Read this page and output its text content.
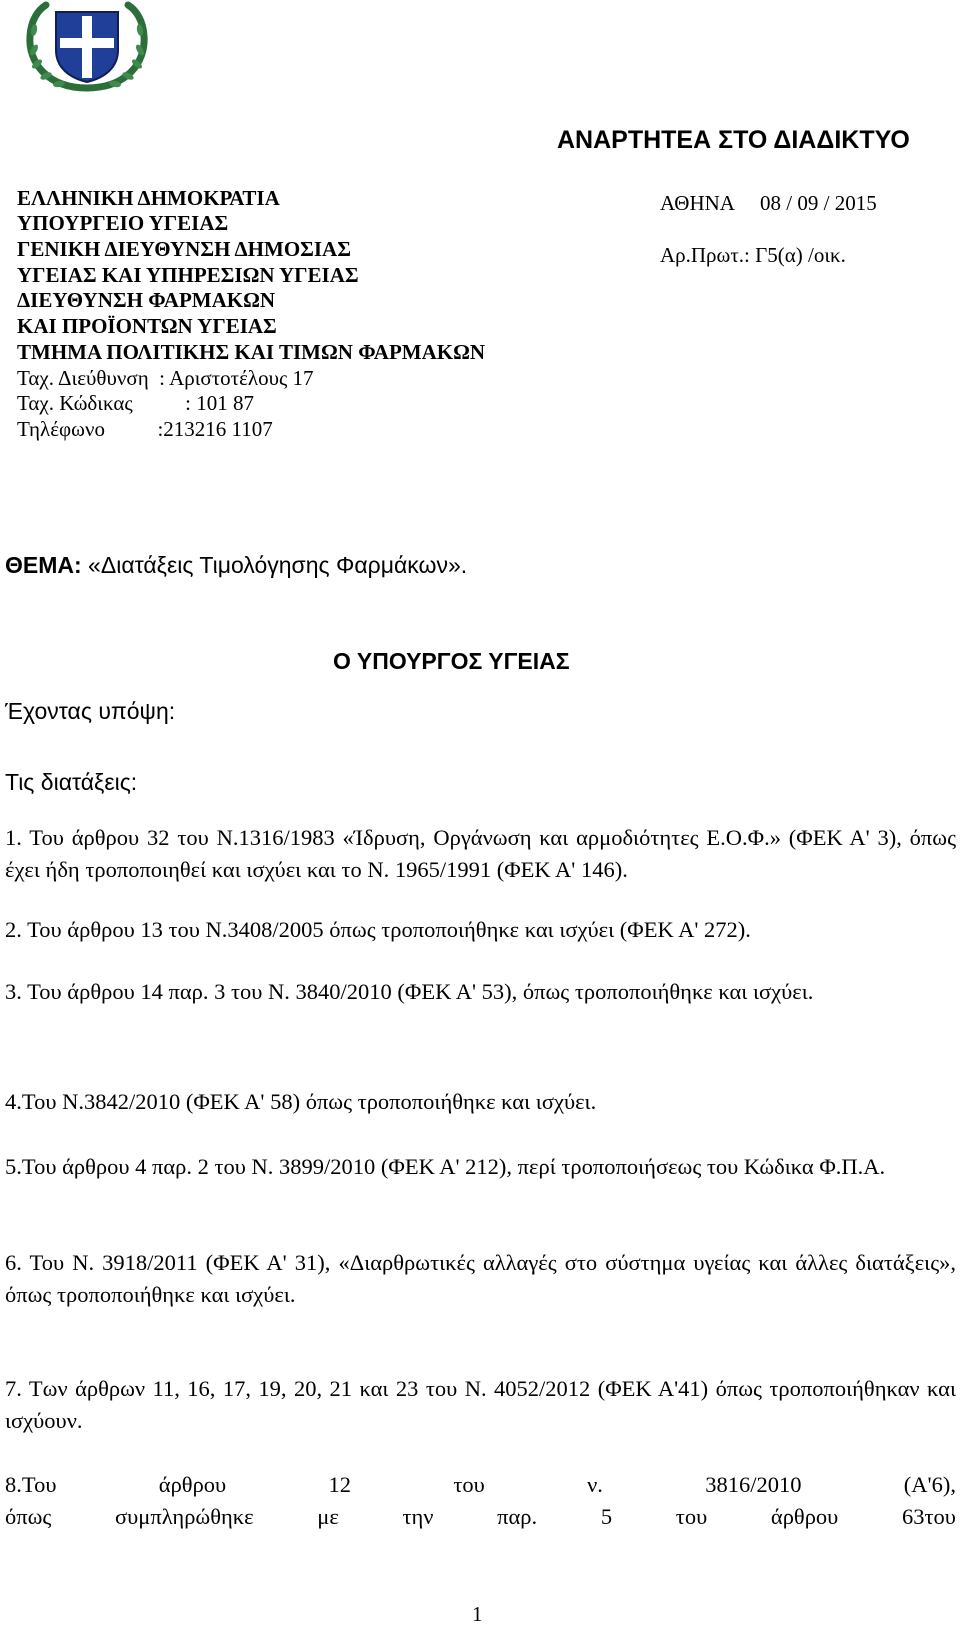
ΑΝΑΡΤΗΤΕΑ ΣΤΟ ΔΙΑΔΙΚΤΥΟ
ΕΛΛΗΝΙΚΗ ΔΗΜΟΚΡΑΤΙΑ
ΥΠΟΥΡΓΕΙΟ ΥΓΕΙΑΣ
ΓΕΝΙΚΗ ΔΙΕΥΘΥΝΣΗ ΔΗΜΟΣΙΑΣ
ΥΓΕΙΑΣ ΚΑΙ ΥΠΗΡΕΣΙΩΝ ΥΓΕΙΑΣ
ΔΙΕΥΘΥΝΣΗ ΦΑΡΜΑΚΩΝ
ΚΑΙ ΠΡΟΪΟΝΤΩΝ ΥΓΕΙΑΣ
ΤΜΗΜΑ ΠΟΛΙΤΙΚΗΣ ΚΑΙ ΤΙΜΩΝ ΦΑΡΜΑΚΩΝ
Ταχ. Διεύθυνση  : Αριστοτέλους 17
Ταχ. Κώδικας          : 101 87
Τηλέφωνο          :213216 1107
ΑΘΗΝΑ     08 / 09 / 2015
Αρ.Πρωτ.: Γ5(α) /οικ.
ΘΕΜΑ: «Διατάξεις Τιμολόγησης Φαρμάκων».
Ο ΥΠΟΥΡΓΟΣ ΥΓΕΙΑΣ
Έχοντας υπόψη:
Τις διατάξεις:
1. Του άρθρου 32 του Ν.1316/1983 «Ίδρυση, Οργάνωση και αρμοδιότητες Ε.Ο.Φ.» (ΦΕΚ Α' 3), όπως έχει ήδη τροποποιηθεί και ισχύει και το Ν. 1965/1991 (ΦΕΚ Α' 146).
2. Του άρθρου 13 του Ν.3408/2005 όπως τροποποιήθηκε και ισχύει (ΦΕΚ Α' 272).
3. Του άρθρου 14 παρ. 3 του Ν. 3840/2010 (ΦΕΚ Α' 53), όπως τροποποιήθηκε και ισχύει.
4.Του Ν.3842/2010 (ΦΕΚ Α' 58) όπως τροποποιήθηκε και ισχύει.
5.Του άρθρου 4 παρ. 2 του Ν. 3899/2010 (ΦΕΚ Α' 212), περί τροποποιήσεως του Κώδικα Φ.Π.Α.
6. Του Ν. 3918/2011 (ΦΕΚ Α' 31), «Διαρθρωτικές αλλαγές στο σύστημα υγείας και άλλες διατάξεις», όπως τροποποιήθηκε και ισχύει.
7. Των άρθρων 11, 16, 17, 19, 20, 21 και 23 του Ν. 4052/2012 (ΦΕΚ Α'41) όπως τροποποιήθηκαν και ισχύουν.
8.Του	άρθρου	12	του	ν.	3816/2010	(Α'6),
όπως	συμπληρώθηκε	με	την	παρ.	5	του	άρθρου	63του
1
